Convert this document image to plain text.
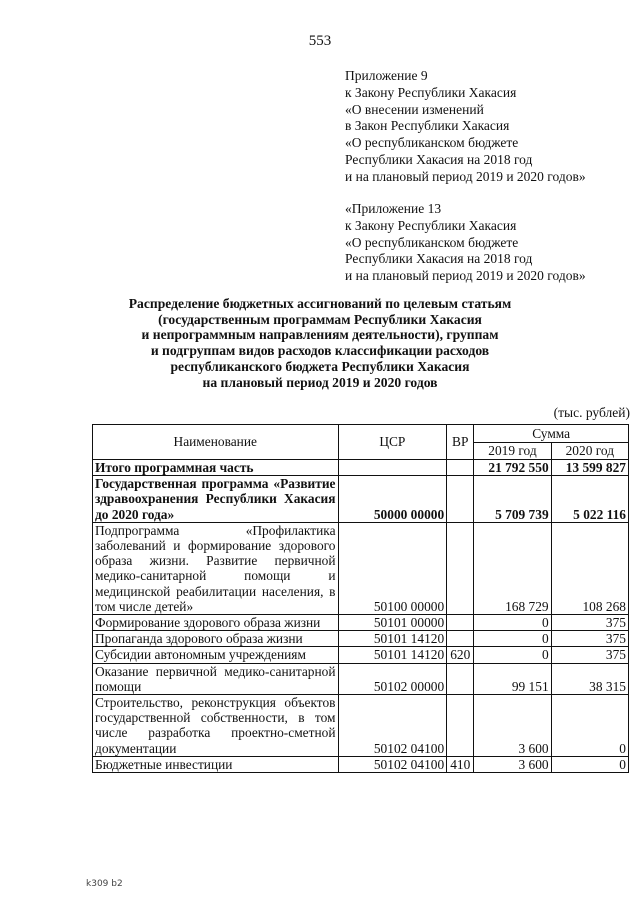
553
Приложение 9
к Закону Республики Хакасия
«О внесении изменений
в Закон Республики Хакасия
«О республиканском бюджете
Республики Хакасия на 2018 год
и на плановый период 2019 и 2020 годов»
«Приложение 13
к Закону Республики Хакасия
«О республиканском бюджете
Республики Хакасия на 2018 год
и на плановый период 2019 и 2020 годов»
Распределение бюджетных ассигнований по целевым статьям
(государственным программам Республики Хакасия
и непрограммным направлениям деятельности), группам
и подгруппам видов расходов классификации расходов
республиканского бюджета Республики Хакасия
на плановый период 2019 и 2020 годов
(тыс. рублей)
Наименование	ЦСР	ВР	Сумма	
			2019 год	2020 год
Итого программная часть			21 792 550	13 599 827
Государственная программа «Развитие здравоохранения Республики Хакасия до 2020 года»	50000 00000		5 709 739	5 022 116
Подпрограмма «Профилактика заболеваний и формирование здорового образа жизни. Развитие первичной медико-санитарной помощи и медицинской реабилитации населения, в том числе детей»	50100 00000		168 729	108 268
Формирование здорового образа жизни	50101 00000		0	375
Пропаганда здорового образа жизни	50101 14120		0	375
Субсидии автономным учреждениям	50101 14120	620	0	375
Оказание первичной медико-санитарной помощи	50102 00000		99 151	38 315
Строительство, реконструкция объектов государственной собственности, в том числе разработка проектно-сметной документации	50102 04100		3 600	0
Бюджетные инвестиции	50102 04100	410	3 600	0
k309 b2
